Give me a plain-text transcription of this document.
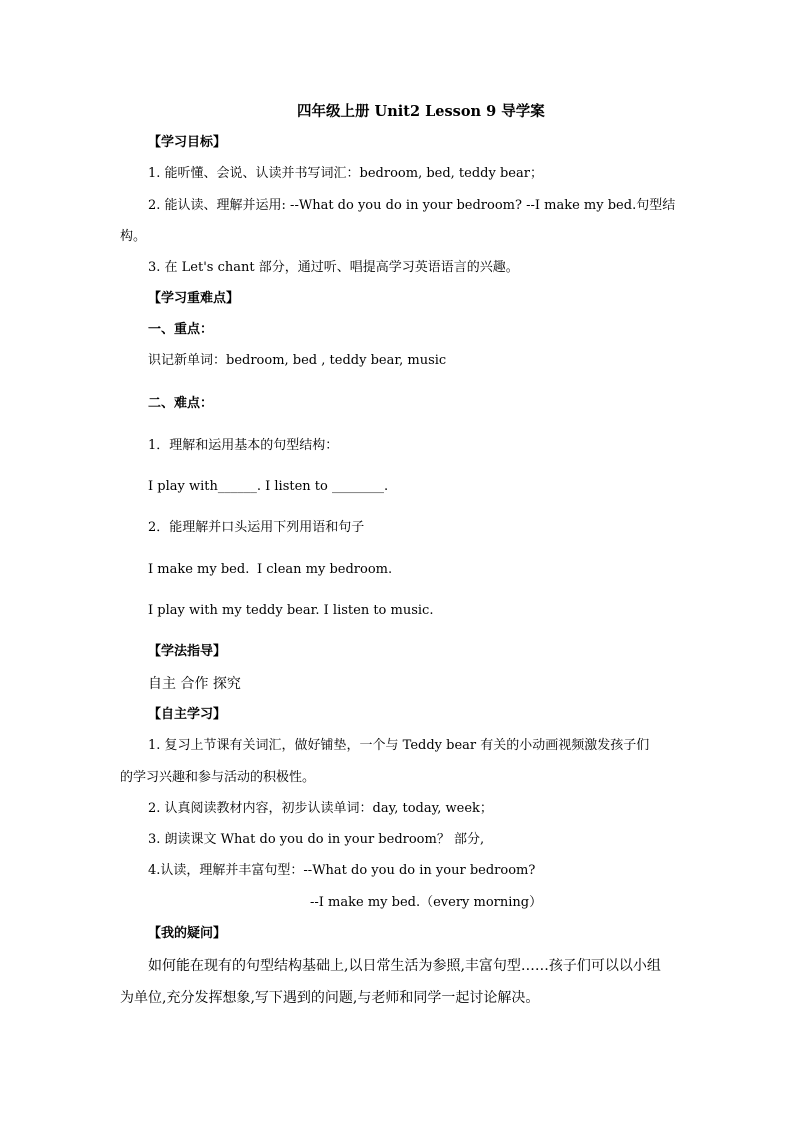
四年级上册 Unit2 Lesson 9 导学案
【学习目标】
1. 能听懂、会说、认读并书写词汇：bedroom, bed, teddy bear；
2. 能认读、理解并运用: --What do you do in your bedroom? --I make my bed.句型结
构。
3. 在 Let's chant 部分，通过听、唱提高学习英语语言的兴趣。
【学习重难点】
一、重点：
识记新单词：bedroom, bed , teddy bear, music
二、难点：
1．理解和运用基本的句型结构：
I play with______. I listen to ________.
2．能理解并口头运用下列用语和句子
I make my bed. I clean my bedroom.
I play with my teddy bear. I listen to music.
【学法指导】
自主 合作 探究
【自主学习】
1. 复习上节课有关词汇，做好铺垫，一个与 Teddy bear 有关的小动画视频激发孩子们
的学习兴趣和参与活动的积极性。
2. 认真阅读教材内容，初步认读单词：day, today, week；
3. 朗读课文 What do you do in your bedroom？ 部分,
4.认读，理解并丰富句型：--What do you do in your bedroom?
--I make my bed.（every morning）
【我的疑问】
如何能在现有的句型结构基础上,以日常生活为参照,丰富句型……孩子们可以以小组
为单位,充分发挥想象,写下遇到的问题,与老师和同学一起讨论解决。
